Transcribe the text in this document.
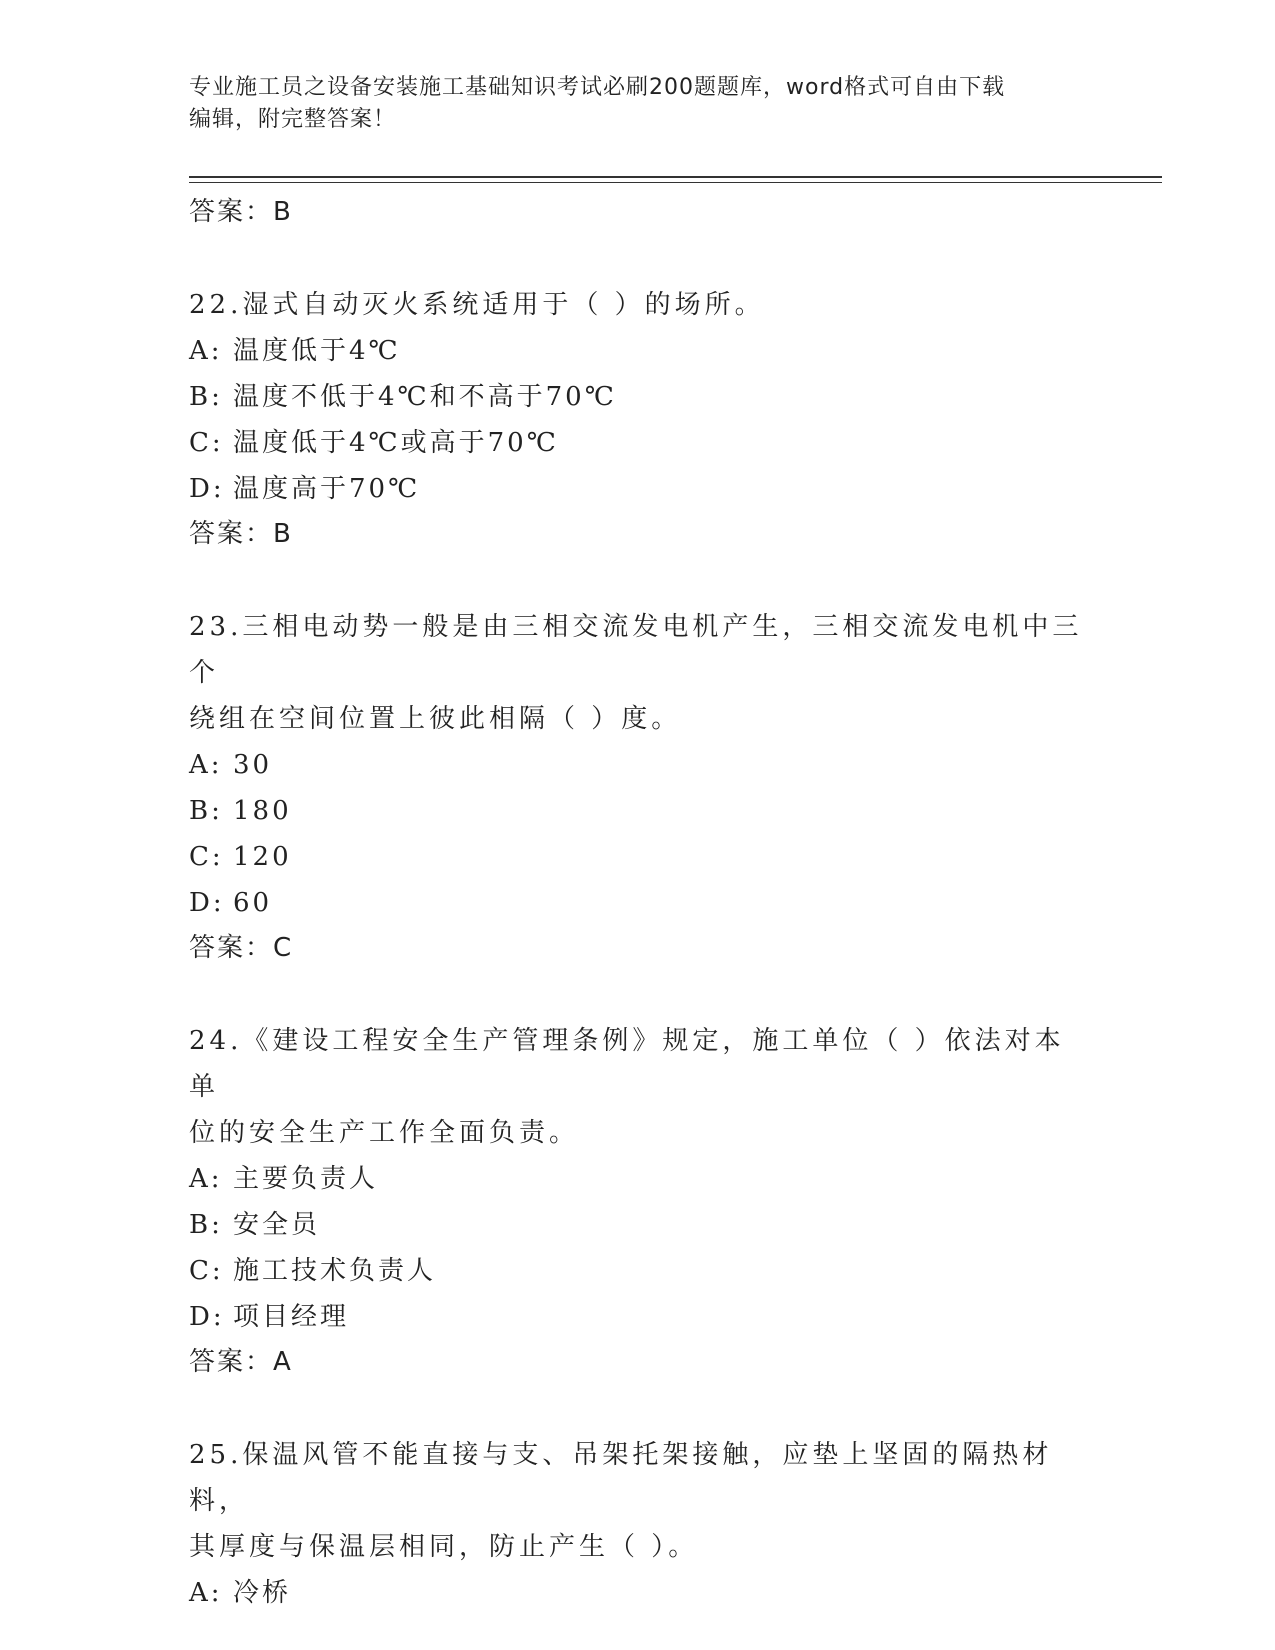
专业施工员之设备安装施工基础知识考试必刷200题题库，word格式可自由下载
编辑，附完整答案！
答案：B
22.湿式自动灭火系统适用于（ ）的场所。
A: 温度低于4℃
B: 温度不低于4℃和不高于70℃
C: 温度低于4℃或高于70℃
D: 温度高于70℃
答案：B
23.三相电动势一般是由三相交流发电机产生，三相交流发电机中三个
绕组在空间位置上彼此相隔（ ）度。
A: 30
B: 180
C: 120
D: 60
答案：C
24.《建设工程安全生产管理条例》规定，施工单位（ ）依法对本单
位的安全生产工作全面负责。
A: 主要负责人
B: 安全员
C: 施工技术负责人
D: 项目经理
答案：A
25.保温风管不能直接与支、吊架托架接触，应垫上坚固的隔热材料，
其厚度与保温层相同，防止产生（ ）。
A: 冷桥
